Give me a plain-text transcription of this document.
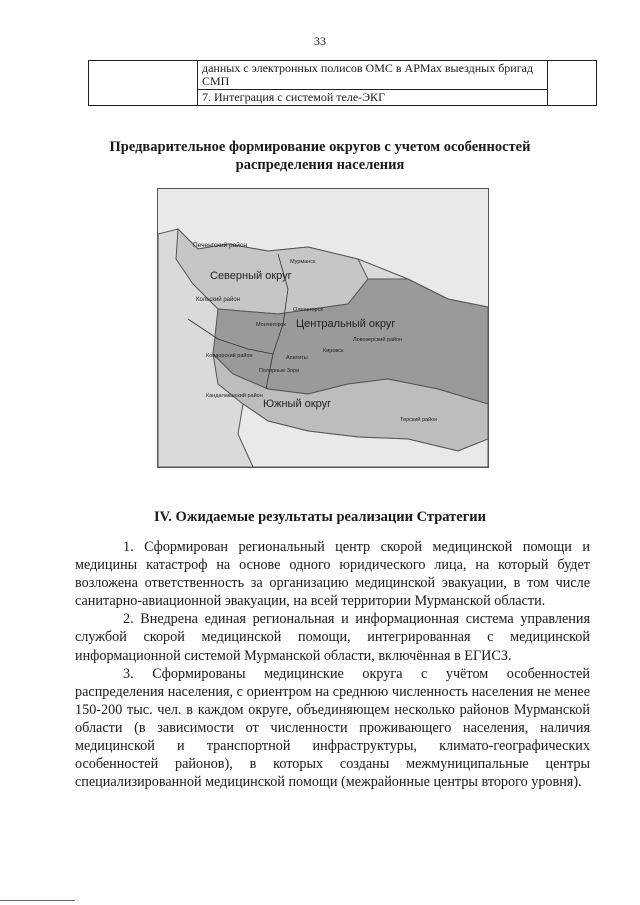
33
	данных с электронных полисов ОМС в АРМах выездных бригад СМП	
7. Интеграция с системой теле-ЭКГ
Предварительное формирование округов с учетом особенностей распределения населения
Печенгский район
Мурманск
Северный округ
Кольский район
Оленегорск
Мончегорск Центральный округ
Ловозерский район
Кировск
Ковдорский район	Апатиты
Полярные Зори
Кандалакшский район
Южный округ
Терский район
IV. Ожидаемые результаты реализации Стратегии

1. Сформирован региональный центр скорой медицинской помощи и медицины катастроф на основе одного юридического лица, на который будет возложена ответственность за организацию медицинской эвакуации, в том числе санитарно-авиационной эвакуации, на всей территории Мурманской области.

2. Внедрена единая региональная и информационная система управления службой скорой медицинской помощи, интегрированная с медицинской информационной системой Мурманской области, включённая в ЕГИСЗ.

3. Сформированы медицинские округа с учётом особенностей распределения населения, с ориентром на среднюю численность населения не менее 150-200 тыс. чел. в каждом округе, объединяющем несколько районов Мурманской области (в зависимости от численности проживающего населения, наличия медицинской и транспортной инфраструктуры, климато-географических особенностей районов), в которых созданы межмуниципальные центры специализированной медицинской помощи (межрайонные центры второго уровня).
